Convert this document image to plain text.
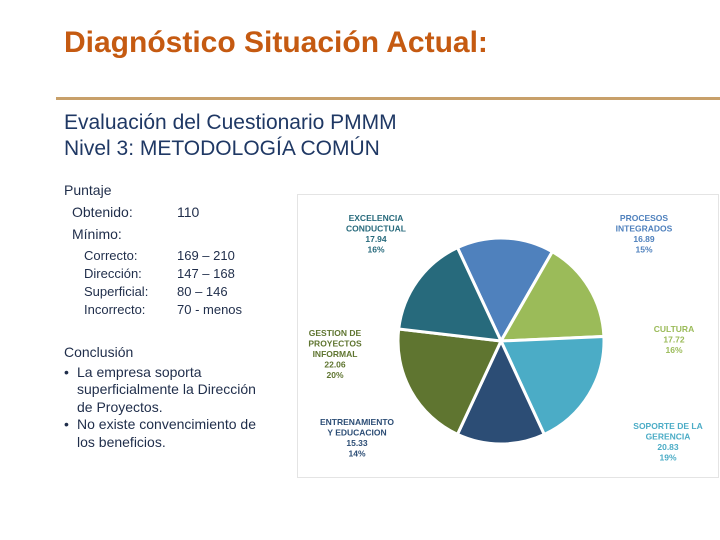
Diagnóstico Situación Actual:
Evaluación del Cuestionario PMMM
Nivel 3: METODOLOGÍA COMÚN
Puntaje
Obtenido:	110
Mínimo:
Correcto:	169 – 210
Dirección:	147 – 168
Superficial: 80 – 146
Incorrecto: 70 - menos
Conclusión
• La empresa soporta superficialmente la Dirección de Proyectos.
• No existe convencimiento de los beneficios.
PROCESOS
INTEGRADOS
16.89
15%
CULTURA
17.72
16%
SOPORTE DE LA
GERENCIA
20.83
19%
ENTRENAMIENTO
Y EDUCACION
15.33
14%
GESTION DE
PROYECTOS
INFORMAL
22.06
20%
EXCELENCIA
CONDUCTUAL
17.94
16%
